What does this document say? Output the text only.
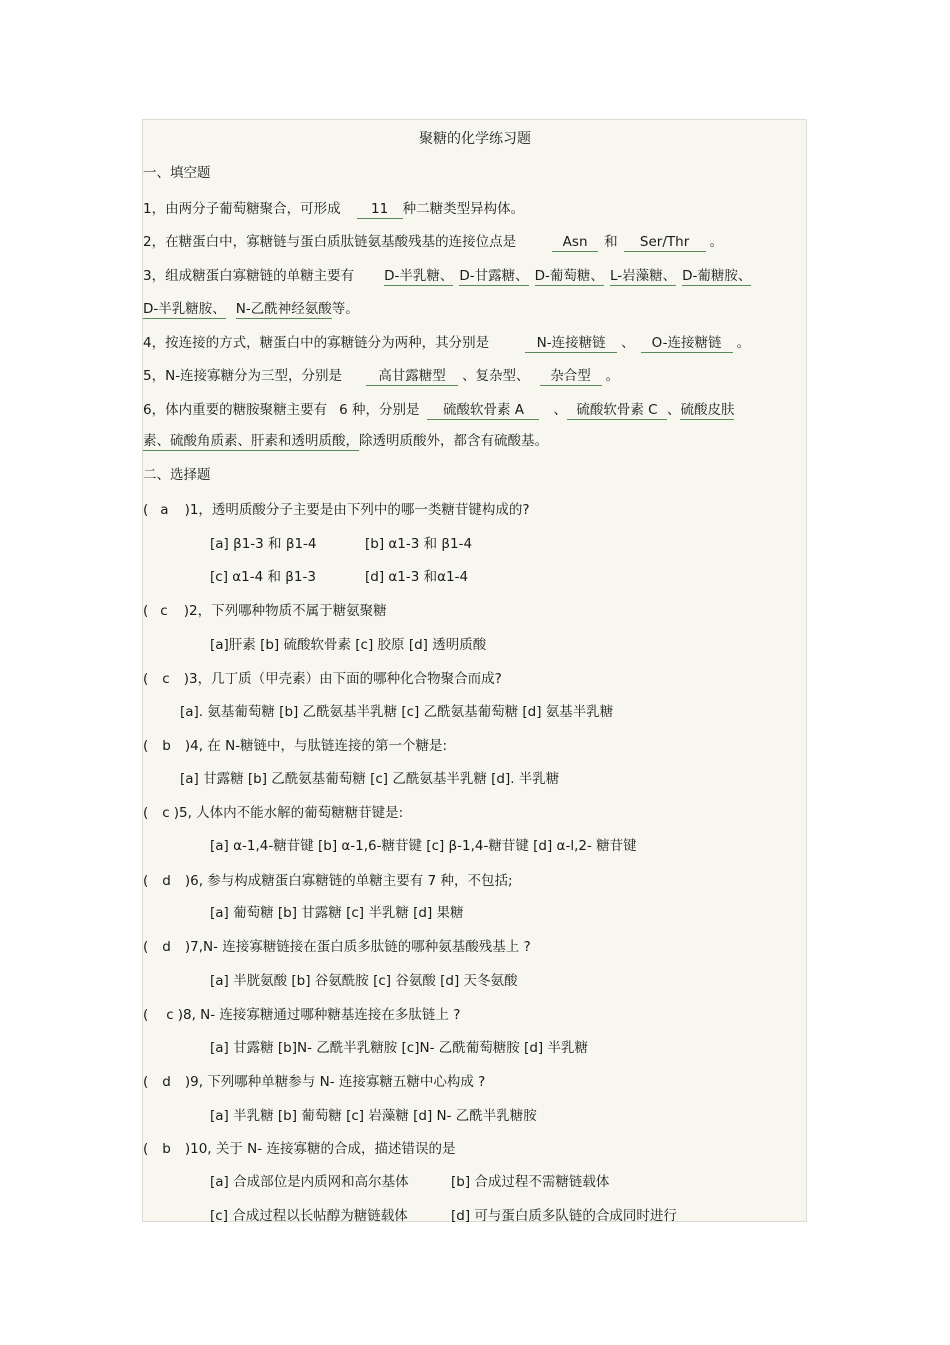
聚糖的化学练习题
一、填空题
1，由两分子葡萄糖聚合，可形成 11 种二糖类型异构体。
2，在糖蛋白中，寡糖链与蛋白质肽链氨基酸残基的连接位点是	Asn 和 Ser/Thr 。
3，组成糖蛋白寡糖链的单糖主要有 D-半乳糖、 D-甘露糖、 D-葡萄糖、 L-岩藻糖、 D-葡糖胺、
D-半乳糖胺、 N-乙酰神经氨酸等。
4，按连接的方式，糖蛋白中的寡糖链分为两种，其分别是	N-连接糖链 、 O-连接糖链 。
5，N-连接寡糖分为三型，分别是	高甘露糖型 、复杂型、 杂合型 。
6，体内重要的糖胺聚糖主要有 6 种，分别是 硫酸软骨素 A 、 硫酸软骨素 C 、硫酸皮肤
素、硫酸角质素、肝素和透明质酸，除透明质酸外，都含有硫酸基。
二、选择题
( a )1，透明质酸分子主要是由下列中的哪一类糖苷键构成的?
[a] β1-3 和 β1-4	[b] α1-3 和 β1-4
[c] α1-4 和 β1-3	[d] α1-3 和α1-4
( c )2，下列哪种物质不属于糖氨聚糖
[a]肝素 [b] 硫酸软骨素 [c] 胶原 [d] 透明质酸
( c )3，几丁质（甲壳素）由下面的哪种化合物聚合而成?
[a]. 氨基葡萄糖 [b] 乙酰氨基半乳糖 [c] 乙酰氨基葡萄糖 [d] 氨基半乳糖
( b )4, 在 N-糖链中，与肽链连接的第一个糖是:
[a] 甘露糖 [b] 乙酰氨基葡萄糖 [c] 乙酰氨基半乳糖 [d]. 半乳糖
( c )5, 人体内不能水解的葡萄糖糖苷键是:
[a] α-1,4-糖苷键 [b] α-1,6-糖苷键 [c] β-1,4-糖苷键 [d] α-l,2- 糖苷键
( d )6, 参与构成糖蛋白寡糖链的单糖主要有 7 种，不包括;
[a] 葡萄糖 [b] 甘露糖 [c] 半乳糖 [d] 果糖
( d )7,N- 连接寡糖链接在蛋白质多肽链的哪种氨基酸残基上 ?
[a] 半胱氨酸 [b] 谷氨酰胺 [c] 谷氨酸 [d] 天冬氨酸
( c )8, N- 连接寡糖通过哪种糖基连接在多肽链上 ?
[a] 甘露糖 [b]N- 乙酰半乳糖胺 [c]N- 乙酰葡萄糖胺 [d] 半乳糖
( d )9, 下列哪种单糖参与 N- 连接寡糖五糖中心构成 ?
[a] 半乳糖 [b] 葡萄糖 [c] 岩藻糖 [d] N- 乙酰半乳糖胺
( b )10, 关于 N- 连接寡糖的合成，描述错误的是
[a] 合成部位是内质网和高尔基体	[b] 合成过程不需糖链载体
[c] 合成过程以长帖醇为糖链载体	[d] 可与蛋白质多队链的合成同时进行
